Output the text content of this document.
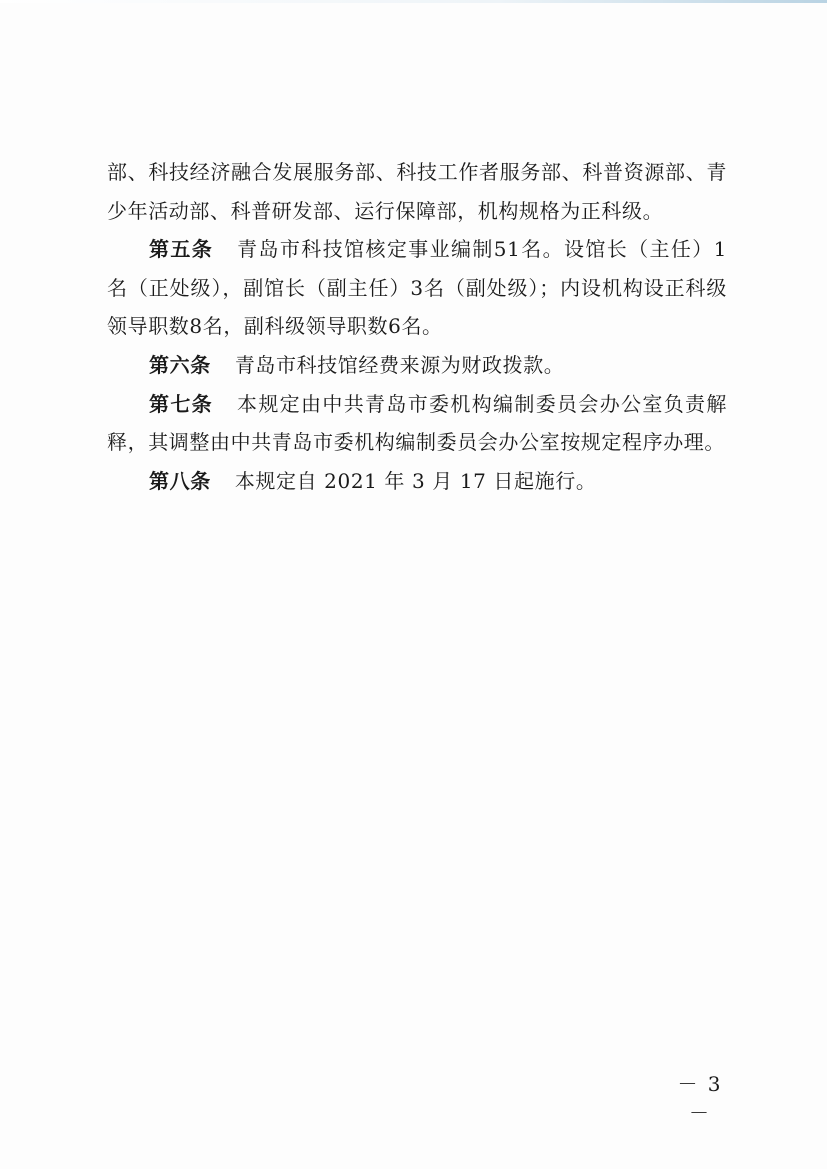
部、科技经济融合发展服务部、科技工作者服务部、科普资源部、青少年活动部、科普研发部、运行保障部，机构规格为正科级。

第五条 青岛市科技馆核定事业编制51名。设馆长（主任）1名（正处级），副馆长（副主任）3名（副处级）；内设机构设正科级领导职数8名，副科级领导职数6名。

第六条 青岛市科技馆经费来源为财政拨款。

第七条 本规定由中共青岛市委机构编制委员会办公室负责解释，其调整由中共青岛市委机构编制委员会办公室按规定程序办理。

第八条 本规定自 2021 年 3 月 17 日起施行。

－ 3 －
